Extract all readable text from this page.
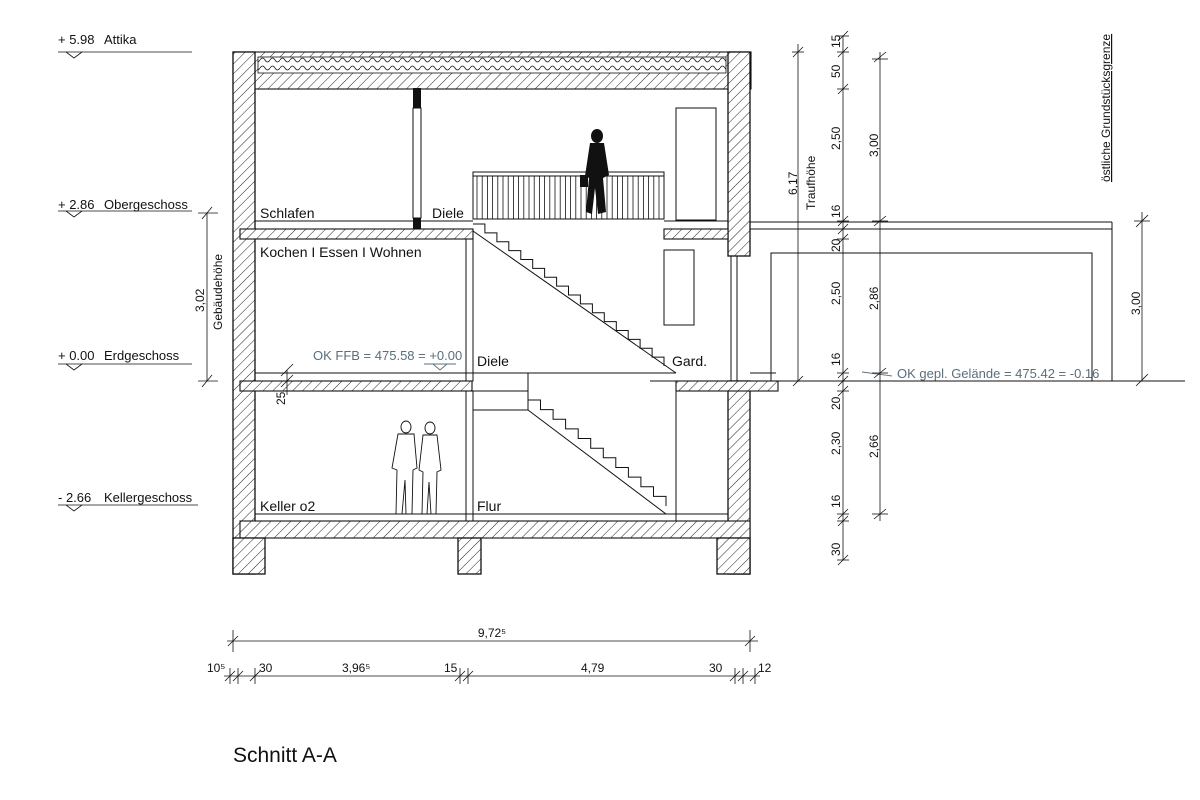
+ 5.98 Attika
+ 2.86 Obergeschoss
+ 0.00 Erdgeschoss
- 2.66 Kellergeschoss
Schlafen	Diele
Kochen I Essen I Wohnen
Diele	Gard.
Keller o2	Flur
OK FFB = 475.58 = +0.00
OK gepl. Gelände = 475.42 = -0.16
östliche Grundstücksgrenze
3,02 Gebäudehöhe
25
6,17 Traufhöhe
15
50
2,50
16
20
2,50
16
20
2,30
16
30
3,00
2,86
2,66
3,00
9,72⁵
10⁵	30	3,96⁵	15	4,79	30	12
Schnitt A-A
